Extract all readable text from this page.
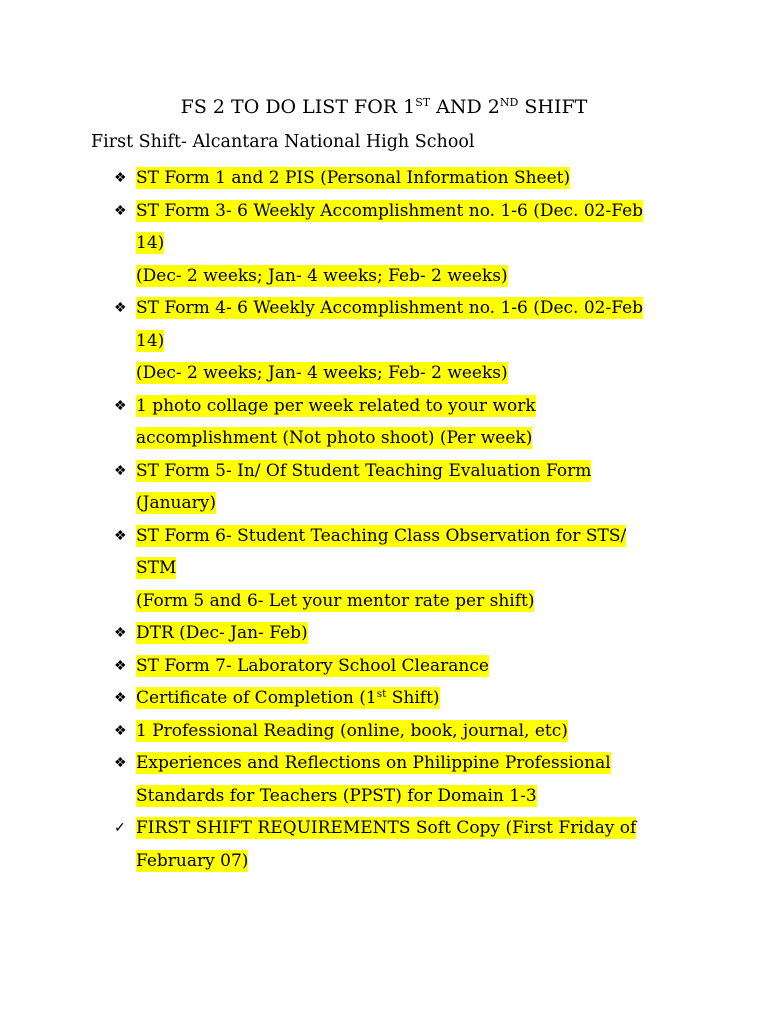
FS 2 TO DO LIST FOR 1ST AND 2ND SHIFT
First Shift- Alcantara National High School
❖ ST Form 1 and 2 PIS (Personal Information Sheet)
❖ ST Form 3- 6 Weekly Accomplishment no. 1-6 (Dec. 02-Feb
14)
(Dec- 2 weeks; Jan- 4 weeks; Feb- 2 weeks)
❖ ST Form 4- 6 Weekly Accomplishment no. 1-6 (Dec. 02-Feb
14)
(Dec- 2 weeks; Jan- 4 weeks; Feb- 2 weeks)
❖ 1 photo collage per week related to your work
accomplishment (Not photo shoot) (Per week)
❖ ST Form 5- In/ Of Student Teaching Evaluation Form
(January)
❖ ST Form 6- Student Teaching Class Observation for STS/
STM
(Form 5 and 6- Let your mentor rate per shift)
❖ DTR (Dec- Jan- Feb)
❖ ST Form 7- Laboratory School Clearance
❖ Certificate of Completion (1st Shift)
❖ 1 Professional Reading (online, book, journal, etc)
❖ Experiences and Reflections on Philippine Professional
Standards for Teachers (PPST) for Domain 1-3
✓ FIRST SHIFT REQUIREMENTS Soft Copy (First Friday of
February 07)
